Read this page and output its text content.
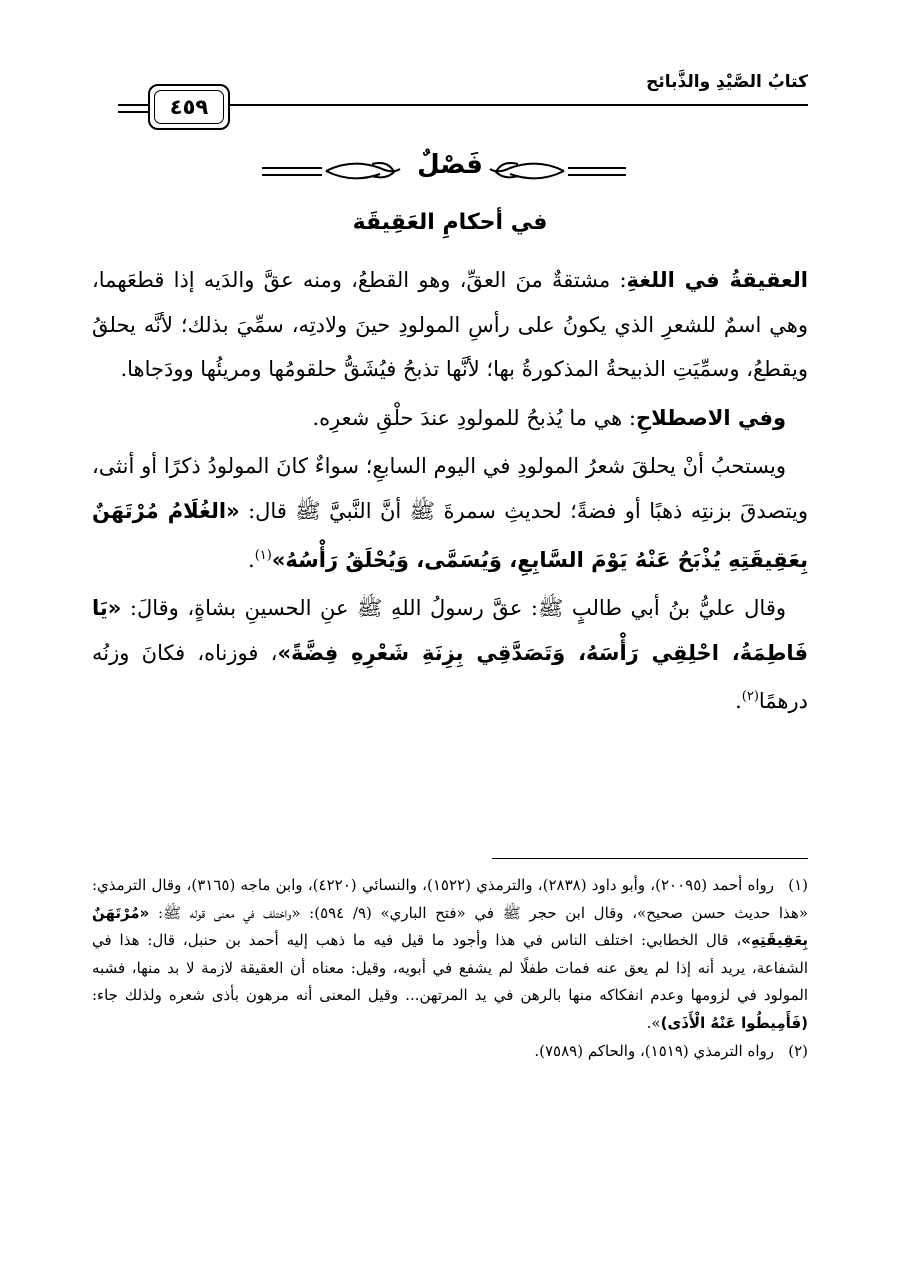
كتابُ الصَّيْدِ والذَّبائح
٤٥٩
فَصْلٌ
في أحكامِ العَقِيقَة

العقيقةُ في اللغةِ: مشتقةٌ منَ العقِّ، وهو القطعُ، ومنه عقَّ والدَيه إذا قطعَهما، وهي اسمٌ للشعرِ الذي يكونُ على رأسِ المولودِ حينَ ولادتِه، سمِّيَ بذلك؛ لأنَّه يحلقُ ويقطعُ، وسمِّيَتِ الذبيحةُ المذكورةُ بها؛ لأنَّها تذبحُ فيُشَقُّ حلقومُها ومريئُها وودَجاها.

وفي الاصطلاحِ: هي ما يُذبحُ للمولودِ عندَ حلْقِ شعرِه.

ويستحبُ أنْ يحلقَ شعرُ المولودِ في اليوم السابعِ؛ سواءٌ كانَ المولودُ ذكرًا أو أنثى، ويتصدقَ بزنتِه ذهبًا أو فضةً؛ لحديثِ سمرةَ ﷺ أنَّ النَّبيَّ ﷺ قال: «الغُلَامُ مُرْتَهَنٌ بِعَقِيقَتِهِ يُذْبَحُ عَنْهُ يَوْمَ السَّابِعِ، وَيُسَمَّى، وَيُحْلَقُ رَأْسُهُ»$^{(١)}$.

وقال عليُّ بنُ أبي طالبٍ ﷺ: عقَّ رسولُ اللهِ ﷺ عنِ الحسينِ بشاةٍ، وقالَ: «يَا فَاطِمَةُ، احْلِقِي رَأْسَهُ، وَتَصَدَّقِي بِزِنَةِ شَعْرِهِ فِضَّةً»، فوزناه، فكانَ وزنُه درهمًا$^{(٢)}$.

(١)رواه أحمد (٢٠٠٩٥)، وأبو داود (٢٨٣٨)، والترمذي (١٥٢٢)، والنسائي (٤٢٢٠)، وابن ماجه (٣١٦٥)، وقال الترمذي: «هذا حديث حسن صحيح»، وقال ابن حجر ﷺ في «فتح الباري» (٩/ ٥٩٤): «واختلف في معنى قوله ﷺ: «مُرْتَهَنٌ بِعَقِيقَتِهِ»، قال الخطابي: اختلف الناس في هذا وأجود ما قيل فيه ما ذهب إليه أحمد بن حنبل، قال: هذا في الشفاعة، يريد أنه إذا لم يعق عنه فمات طفلًا لم يشفع في أبويه، وقيل: معناه أن العقيقة لازمة لا بد منها، فشبه المولود في لزومها وعدم انفكاكه منها بالرهن في يد المرتهن... وقيل المعنى أنه مرهون بأذى شعره ولذلك جاء: (فَأَمِيطُوا عَنْهُ الْأَذَى)».

(٢)رواه الترمذي (١٥١٩)، والحاكم (٧٥٨٩).
